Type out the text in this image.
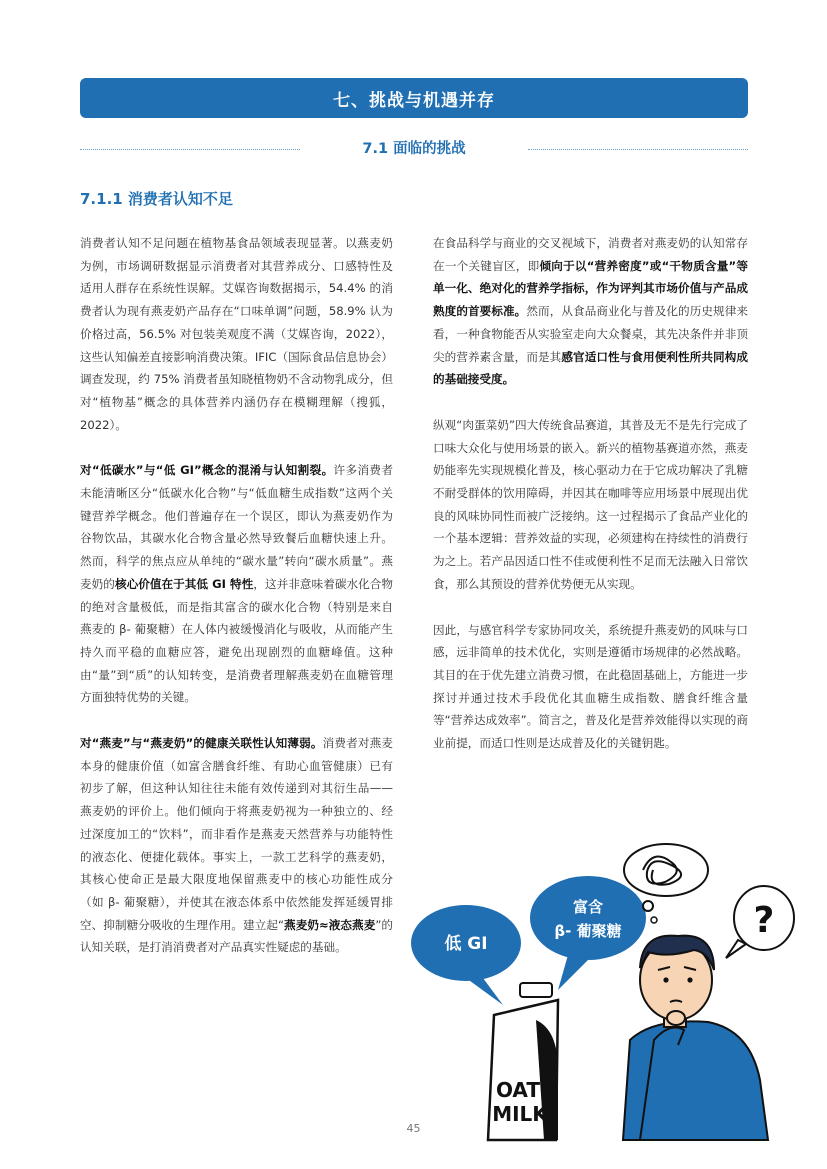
七、挑战与机遇并存
7.1 面临的挑战
7.1.1 消费者认知不足

消费者认知不足问题在植物基食品领域表现显著。以燕麦奶为例，市场调研数据显示消费者对其营养成分、口感特性及适用人群存在系统性误解。艾媒咨询数据揭示，54.4% 的消费者认为现有燕麦奶产品存在“口味单调”问题，58.9% 认为价格过高，56.5% 对包装美观度不满（艾媒咨询，2022），这些认知偏差直接影响消费决策。IFIC（国际食品信息协会）调查发现，约 75% 消费者虽知晓植物奶不含动物乳成分，但对“植物基”概念的具体营养内涵仍存在模糊理解（搜狐，2022）。

对“低碳水”与“低 GI”概念的混淆与认知割裂。许多消费者未能清晰区分“低碳水化合物”与“低血糖生成指数”这两个关键营养学概念。他们普遍存在一个误区，即认为燕麦奶作为谷物饮品，其碳水化合物含量必然导致餐后血糖快速上升。然而，科学的焦点应从单纯的“碳水量”转向“碳水质量”。燕麦奶的核心价值在于其低 GI 特性，这并非意味着碳水化合物的绝对含量极低，而是指其富含的碳水化合物（特别是来自燕麦的 β- 葡聚糖）在人体内被缓慢消化与吸收，从而能产生持久而平稳的血糖应答，避免出现剧烈的血糖峰值。这种由“量”到“质”的认知转变，是消费者理解燕麦奶在血糖管理方面独特优势的关键。

对“燕麦”与“燕麦奶”的健康关联性认知薄弱。消费者对燕麦本身的健康价值（如富含膳食纤维、有助心血管健康）已有初步了解，但这种认知往往未能有效传递到对其衍生品——燕麦奶的评价上。他们倾向于将燕麦奶视为一种独立的、经过深度加工的“饮料”，而非看作是燕麦天然营养与功能特性的液态化、便捷化载体。事实上，一款工艺科学的燕麦奶，其核心使命正是最大限度地保留燕麦中的核心功能性成分（如 β- 葡聚糖），并使其在液态体系中依然能发挥延缓胃排空、抑制糖分吸收的生理作用。建立起“燕麦奶≈液态燕麦”的认知关联，是打消消费者对产品真实性疑虑的基础。

在食品科学与商业的交叉视域下，消费者对燕麦奶的认知常存在一个关键盲区，即倾向于以“营养密度”或“干物质含量”等单一化、绝对化的营养学指标，作为评判其市场价值与产品成熟度的首要标准。然而，从食品商业化与普及化的历史规律来看，一种食物能否从实验室走向大众餐桌，其先决条件并非顶尖的营养素含量，而是其感官适口性与食用便利性所共同构成的基础接受度。

纵观“肉蛋菜奶”四大传统食品赛道，其普及无不是先行完成了口味大众化与使用场景的嵌入。新兴的植物基赛道亦然，燕麦奶能率先实现规模化普及，核心驱动力在于它成功解决了乳糖不耐受群体的饮用障碍，并因其在咖啡等应用场景中展现出优良的风味协同性而被广泛接纳。这一过程揭示了食品产业化的一个基本逻辑：营养效益的实现，必须建构在持续性的消费行为之上。若产品因适口性不佳或便利性不足而无法融入日常饮食，那么其预设的营养优势便无从实现。

因此，与感官科学专家协同攻关，系统提升燕麦奶的风味与口感，远非简单的技术优化，实则是遵循市场规律的必然战略。其目的在于优先建立消费习惯，在此稳固基础上，方能进一步探讨并通过技术手段优化其血糖生成指数、膳食纤维含量等“营养达成效率”。简言之，普及化是营养效能得以实现的商业前提，而适口性则是达成普及化的关键钥匙。

低 GI
富含
β- 葡聚糖	?
OAT
MILK
45
